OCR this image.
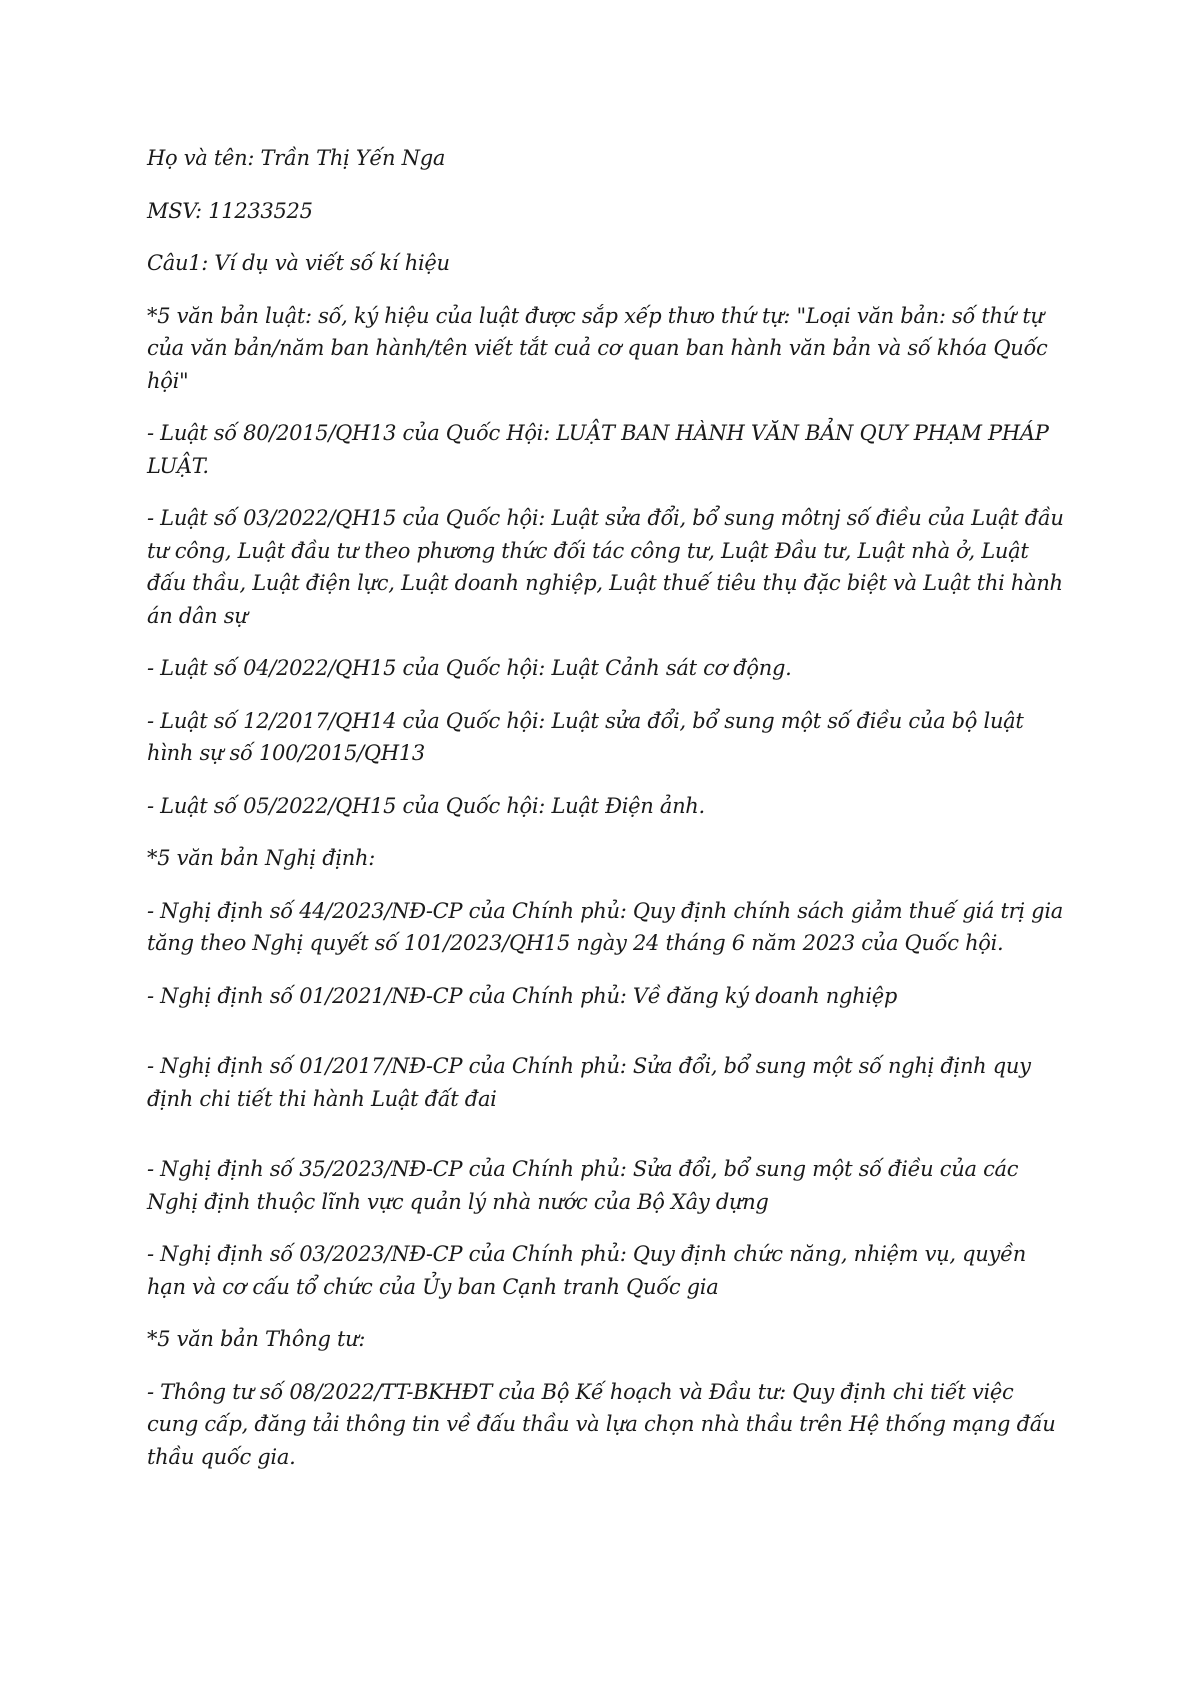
Họ và tên: Trần Thị Yến Nga

MSV: 11233525

Câu1: Ví dụ và viết số kí hiệu

*5 văn bản luật: số, ký hiệu của luật được sắp xếp thưo thứ tự: "Loại văn bản: số thứ tự của văn bản/năm ban hành/tên viết tắt cuả cơ quan ban hành văn bản và số khóa Quốc hội"

- Luật số 80/2015/QH13 của Quốc Hội: LUẬT BAN HÀNH VĂN BẢN QUY PHẠM PHÁP LUẬT.

- Luật số 03/2022/QH15 của Quốc hội: Luật sửa đổi, bổ sung môtnj số điều của Luật đầu tư công, Luật đầu tư theo phương thức đối tác công tư, Luật Đầu tư, Luật nhà ở, Luật đấu thầu, Luật điện lực, Luật doanh nghiệp, Luật thuế tiêu thụ đặc biệt và Luật thi hành án dân sự

- Luật số 04/2022/QH15 của Quốc hội: Luật Cảnh sát cơ động.

- Luật số 12/2017/QH14 của Quốc hội: Luật sửa đổi, bổ sung một số điều của bộ luật hình sự số 100/2015/QH13

- Luật số 05/2022/QH15 của Quốc hội: Luật Điện ảnh.

*5 văn bản Nghị định:

- Nghị định số 44/2023/NĐ-CP của Chính phủ: Quy định chính sách giảm thuế giá trị gia tăng theo Nghị quyết số 101/2023/QH15 ngày 24 tháng 6 năm 2023 của Quốc hội.

- Nghị định số 01/2021/NĐ-CP của Chính phủ: Về đăng ký doanh nghiệp

- Nghị định số 01/2017/NĐ-CP của Chính phủ: Sửa đổi, bổ sung một số nghị định quy định chi tiết thi hành Luật đất đai

- Nghị định số 35/2023/NĐ-CP của Chính phủ: Sửa đổi, bổ sung một số điều của các Nghị định thuộc lĩnh vực quản lý nhà nước của Bộ Xây dựng

- Nghị định số 03/2023/NĐ-CP của Chính phủ: Quy định chức năng, nhiệm vụ, quyền hạn và cơ cấu tổ chức của Ủy ban Cạnh tranh Quốc gia

*5 văn bản Thông tư:

- Thông tư số 08/2022/TT-BKHĐT của Bộ Kế hoạch và Đầu tư: Quy định chi tiết việc cung cấp, đăng tải thông tin về đấu thầu và lựa chọn nhà thầu trên Hệ thống mạng đấu thầu quốc gia.
